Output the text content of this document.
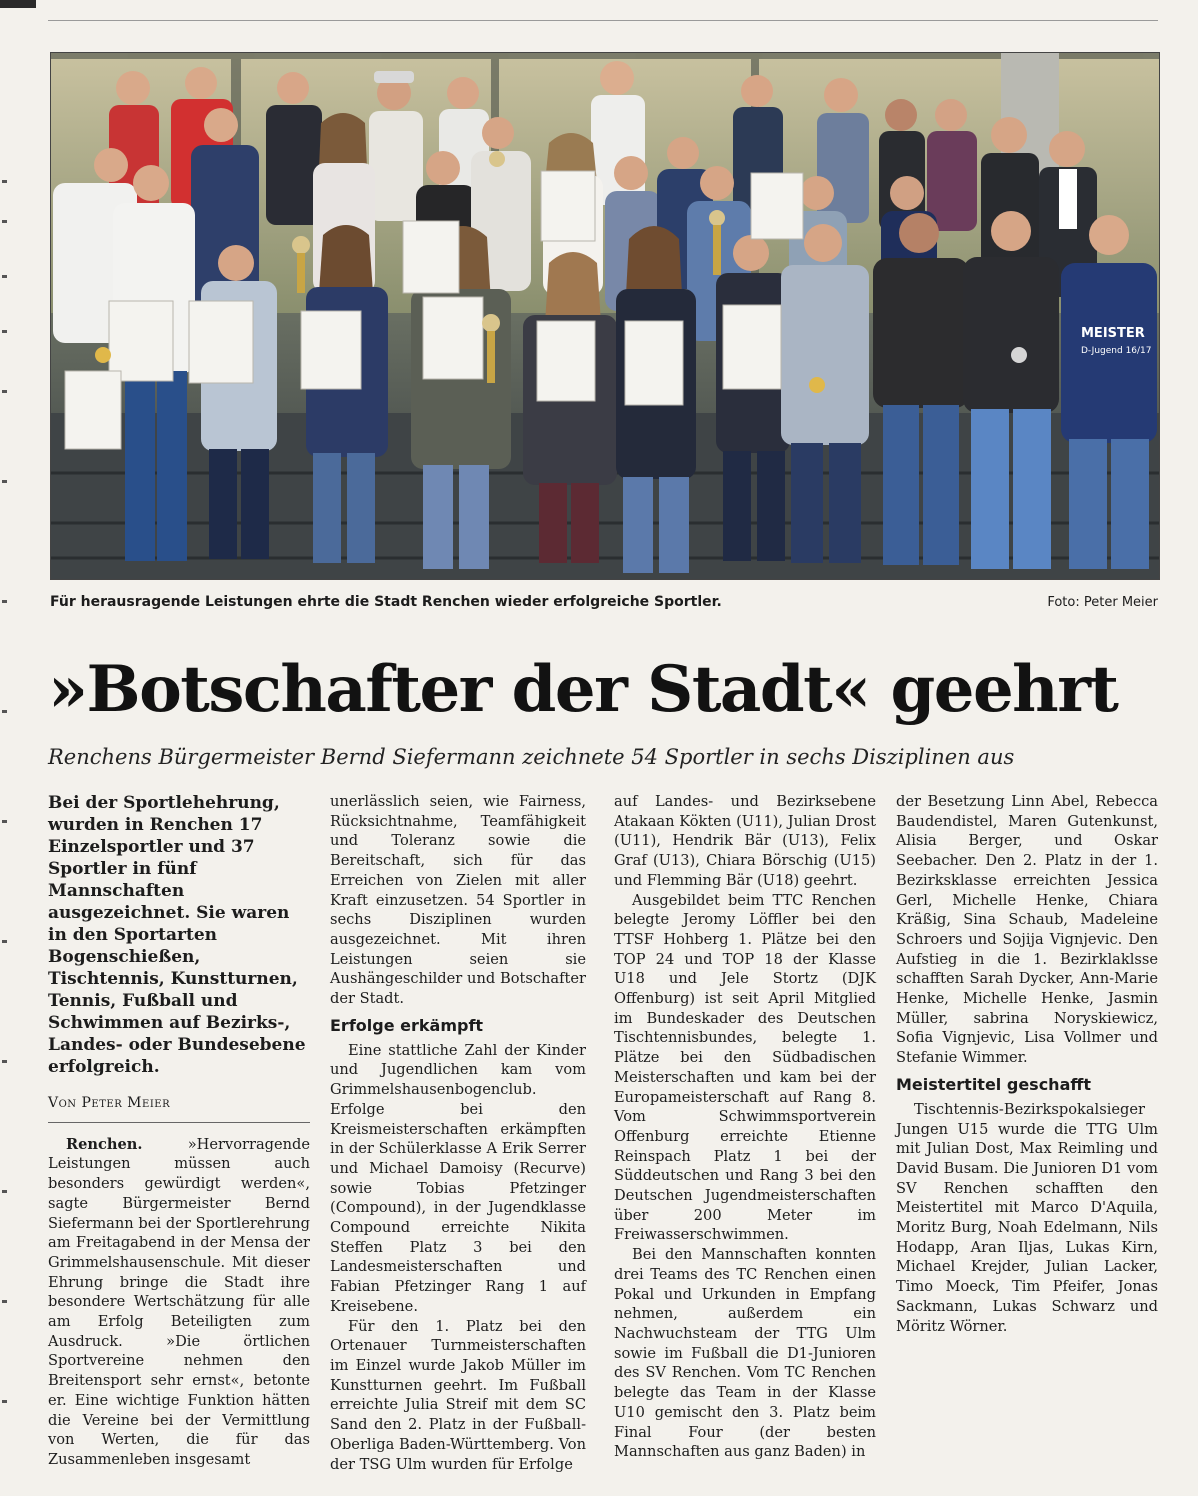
MEISTER
D-Jugend 16/17
Für herausragende Leistungen ehrte die Stadt Renchen wieder erfolgreiche Sportler.	Foto: Peter Meier
»Botschafter der Stadt« geehrt
Renchens Bürgermeister Bernd Siefermann zeichnete 54 Sportler in sechs Disziplinen aus

Bei der Sportlehehrung, wurden in Renchen 17 Einzelsportler und 37 Sportler in fünf Mannschaften ausgezeichnet. Sie waren in den Sportarten Bogenschießen, Tischtennis, Kunstturnen, Tennis, Fußball und Schwimmen auf Bezirks-, Landes- oder Bundesebene erfolgreich.

Von Peter Meier

Renchen.	»Hervorragende Leistungen müssen auch besonders gewürdigt werden«, sagte Bürgermeister Bernd Siefermann bei der Sportlerehrung am Freitagabend in der Mensa der Grimmelshausenschule. Mit dieser Ehrung bringe die Stadt ihre besondere Wertschätzung für alle am Erfolg Beteiligten zum Ausdruck. »Die örtlichen Sportvereine nehmen den Breitensport sehr ernst«, betonte er. Eine wichtige Funktion hätten die Vereine bei der Vermittlung von Werten, die für das Zusammenleben insgesamt

unerlässlich seien, wie Fairness, Rücksichtnahme, Teamfähigkeit und Toleranz sowie die Bereitschaft, sich für das Erreichen von Zielen mit aller Kraft einzusetzen. 54 Sportler in sechs Disziplinen wurden ausgezeichnet. Mit ihren Leistungen seien sie Aushängeschilder und Botschafter der Stadt.

Erfolge erkämpft

Eine stattliche Zahl der Kinder und Jugendlichen kam vom Grimmelshausenbogenclub. Erfolge bei den Kreismeisterschaften erkämpften in der Schülerklasse A Erik Serrer und Michael Damoisy (Recurve) sowie Tobias Pfetzinger (Compound), in der Jugendklasse Compound erreichte Nikita Steffen Platz 3 bei den Landesmeisterschaften und Fabian Pfetzinger Rang 1 auf Kreisebene.

Für den 1. Platz bei den Ortenauer Turnmeisterschaften im Einzel wurde Jakob Müller im Kunstturnen geehrt. Im Fußball erreichte Julia Streif mit dem SC Sand den 2. Platz in der Fußball-Oberliga Baden-Württemberg. Von der TSG Ulm wurden für Erfolge

auf Landes- und Bezirksebene Atakaan Kökten (U11), Julian Drost (U11), Hendrik Bär (U13), Felix Graf (U13), Chiara Börschig (U15) und Flemming Bär (U18) geehrt.

Ausgebildet beim TTC Renchen belegte Jeromy Löffler bei den TTSF Hohberg 1. Plätze bei den TOP 24 und TOP 18 der Klasse U18 und Jele Stortz (DJK Offenburg) ist seit April Mitglied im Bundeskader des Deutschen Tischtennisbundes, belegte 1. Plätze bei den Südbadischen Meisterschaften und kam bei der Europameisterschaft auf Rang 8. Vom Schwimmsportverein Offenburg erreichte Etienne Reinspach Platz 1 bei der Süddeutschen und Rang 3 bei den Deutschen Jugendmeisterschaften über 200 Meter im Freiwasserschwimmen.

Bei den Mannschaften konnten drei Teams des TC Renchen einen Pokal und Urkunden in Empfang nehmen, außerdem ein Nachwuchsteam der TTG Ulm sowie im Fußball die D1-Junioren des SV Renchen. Vom TC Renchen belegte das Team in der Klasse U10 gemischt den 3. Platz beim Final Four (der besten Mannschaften aus ganz Baden) in

der Besetzung Linn Abel, Rebecca Baudendistel, Maren Gutenkunst, Alisia Berger, und Oskar Seebacher. Den 2. Platz in der 1. Bezirksklasse erreichten Jessica Gerl, Michelle Henke, Chiara Kräßig, Sina Schaub, Madeleine Schroers und Sojija Vignjevic. Den Aufstieg in die 1. Bezirklaklsse schafften Sarah Dycker, Ann-Marie Henke, Michelle Henke, Jasmin Müller, sabrina Noryskiewicz, Sofia Vignjevic, Lisa Vollmer und Stefanie Wimmer.

Meistertitel geschafft

Tischtennis-Bezirkspokalsieger Jungen U15 wurde die TTG Ulm mit Julian Dost, Max Reimling und David Busam. Die Junioren D1 vom SV Renchen schafften den Meistertitel mit Marco D'Aquila, Moritz Burg, Noah Edelmann, Nils Hodapp, Aran Iljas, Lukas Kirn, Michael Krejder, Julian Lacker, Timo Moeck, Tim Pfeifer, Jonas Sackmann, Lukas Schwarz und Möritz Wörner.
